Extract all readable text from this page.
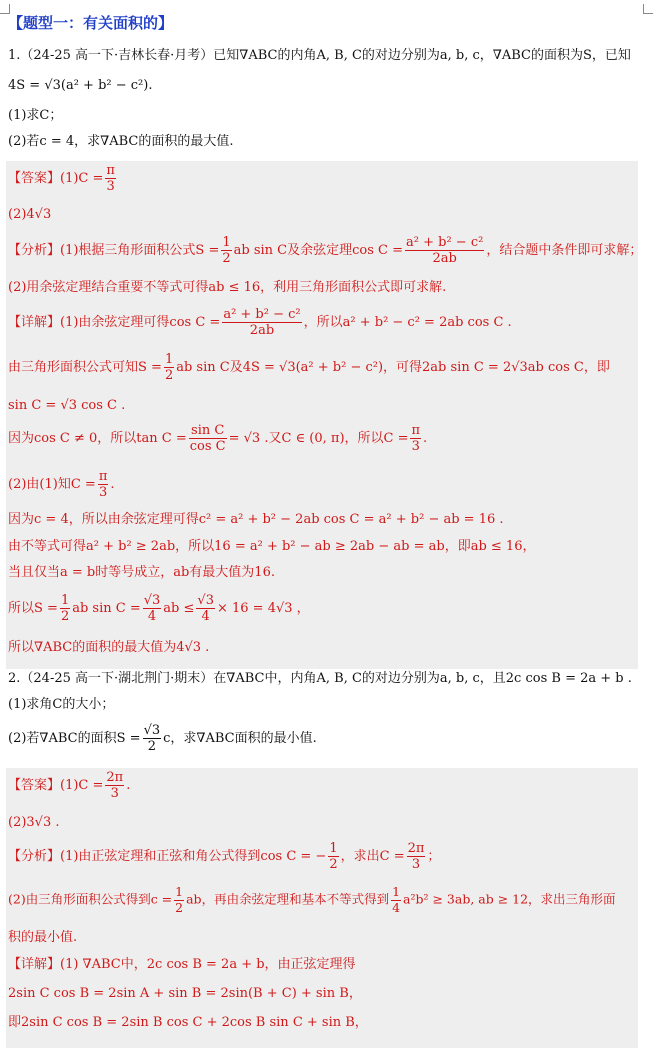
【题型一：有关面积的】
1.（24-25 高一下·吉林长春·月考）已知∇ABC的内角A, B, C的对边分别为a, b, c，∇ABC的面积为S，已知
4S = √3(a² + b² − c²).
(1)求C；
(2)若c = 4，求∇ABC的面积的最大值.
【答案】$(1)C = \frac{\pi}{3}$
(2)4√3
【分析】(1)根据三角形面积公式$S = \frac{1}{2}$ ab sin C及余弦定理$\cos C = \frac{\text{a² + b² − c²}}{2ab}$ ，结合题中条件即可求解；
(2)用余弦定理结合重要不等式可得ab ≤ 16，利用三角形面积公式即可求解.
【详解】(1)由余弦定理可得$\cos C = \frac{\text{a² + b² − c²}}{2ab}$ ，所以a² + b² − c² = 2ab cos C .
由三角形面积公式可知$S = \frac{1}{2}$ ab sin C及4S = √3(a² + b² − c²)，可得2ab sin C = 2√3ab cos C，即
sin C = √3 cos C .
因为cos C ≠ 0，所以$\tan C = \frac{\text{sin C}}{\text{cos C}} = √3$ .又C ∈ (0, π)，所以$C = \frac{\pi}{3}$ .
(2)由(1)知$C = \frac{\pi}{3}$ .
因为c = 4，所以由余弦定理可得c² = a² + b² − 2ab cos C = a² + b² − ab = 16 .
由不等式可得a² + b² ≥ 2ab，所以16 = a² + b² − ab ≥ 2ab − ab = ab，即ab ≤ 16，
当且仅当a = b时等号成立，ab有最大值为16.
所以$S = \frac{1}{2}$ ab $\sin C = \frac{√3}{4}$ ab ≤ $\frac{√3}{4} \times 16 = 4√3$ ，
所以∇ABC的面积的最大值为4√3 .
2.（24-25 高一下·湖北荆门·期末）在∇ABC中，内角A, B, C的对边分别为a, b, c，且2c cos B = 2a + b .
(1)求角C的大小；
(2)若∇ABC的面积$S = \frac{√3}{2}$ c，求∇ABC面积的最小值.
【答案】$(1)C = \frac{2\pi}{3}$ .
(2)3√3 .
【分析】(1)由正弦定理和正弦和角公式得到cos C = − $\frac{1}{2}$ ，求出$C = \frac{2\pi}{3}$ ；
(2)由三角形面积公式得到$c = \frac{1}{2}$ ab，再由余弦定理和基本不等式得到 $\frac{1}{4} a^2b^2 \ge 3ab$, ab ≥ 12，求出三角形面
积的最小值.
【详解】(1) ∇ABC中，2c cos B = 2a + b，由正弦定理得
2sin C cos B = 2sin A + sin B = 2sin(B + C) + sin B，
即2sin C cos B = 2sin B cos C + 2cos B sin C + sin B，
